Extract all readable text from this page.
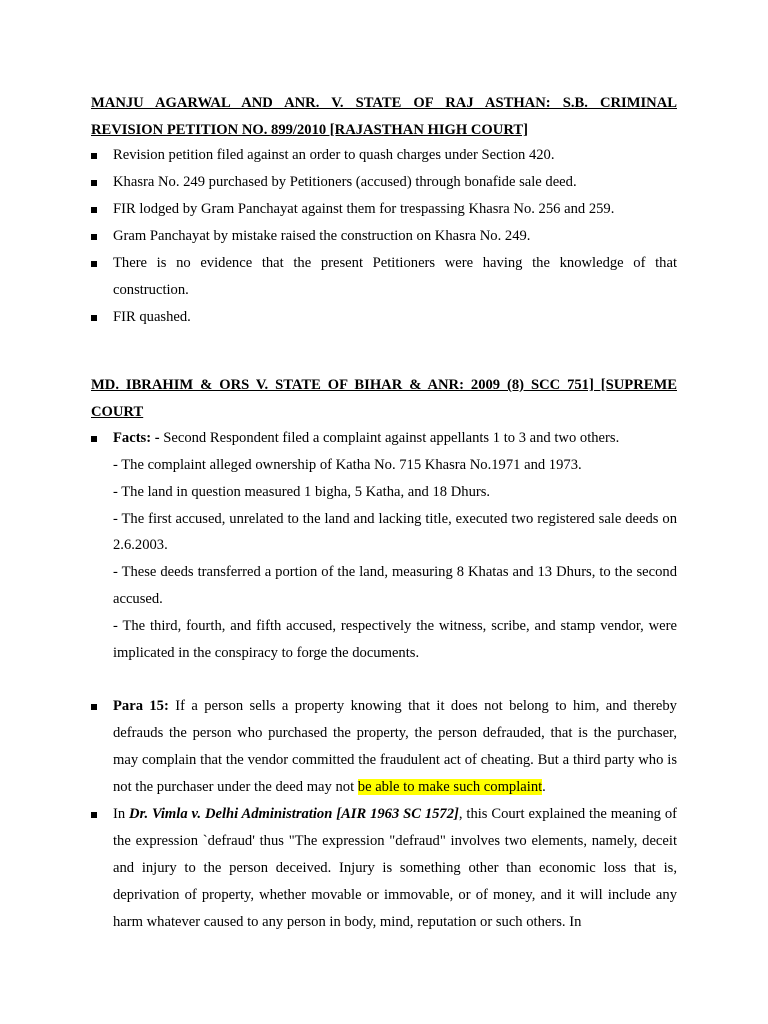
MANJU AGARWAL AND ANR. V. STATE OF RAJ ASTHAN: S.B. CRIMINAL
REVISION PETITION NO. 899/2010 [RAJASTHAN HIGH COURT]
Revision petition filed against an order to quash charges under Section 420.
Khasra No. 249 purchased by Petitioners (accused) through bonafide sale deed.
FIR lodged by Gram Panchayat against them for trespassing Khasra No. 256 and 259.
Gram Panchayat by mistake raised the construction on Khasra No. 249.
There is no evidence that the present Petitioners were having the knowledge of that construction.
FIR quashed.
MD. IBRAHIM & ORS V. STATE OF BIHAR & ANR: 2009 (8) SCC 751] [SUPREME
COURT
Facts: - Second Respondent filed a complaint against appellants 1 to 3 and two others.
- The complaint alleged ownership of Katha No. 715 Khasra No.1971 and 1973.
- The land in question measured 1 bigha, 5 Katha, and 18 Dhurs.
- The first accused, unrelated to the land and lacking title, executed two registered sale deeds on 2.6.2003.
- These deeds transferred a portion of the land, measuring 8 Khatas and 13 Dhurs, to the second accused.
- The third, fourth, and fifth accused, respectively the witness, scribe, and stamp vendor, were implicated in the conspiracy to forge the documents.
Para 15: If a person sells a property knowing that it does not belong to him, and thereby defrauds the person who purchased the property, the person defrauded, that is the purchaser, may complain that the vendor committed the fraudulent act of cheating. But a third party who is not the purchaser under the deed may not be able to make such complaint.
In Dr. Vimla v. Delhi Administration [AIR 1963 SC 1572], this Court explained the meaning of the expression `defraud' thus "The expression "defraud" involves two elements, namely, deceit and injury to the person deceived. Injury is something other than economic loss that is, deprivation of property, whether movable or immovable, or of money, and it will include any harm whatever caused to any person in body, mind, reputation or such others. In
